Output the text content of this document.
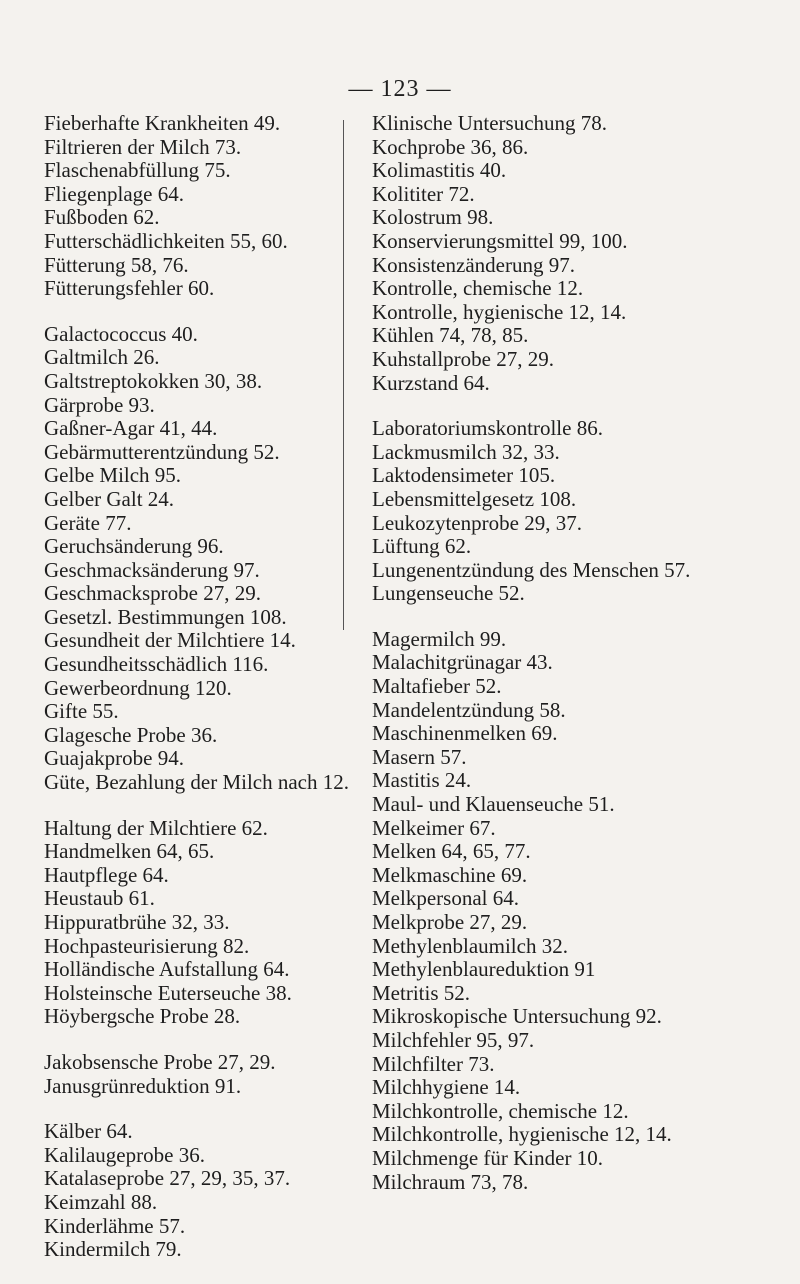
— 123 —
Fieberhafte Krankheiten 49.
Filtrieren der Milch 73.
Flaschenabfüllung 75.
Fliegenplage 64.
Fußboden 62.
Futterschädlichkeiten 55, 60.
Fütterung 58, 76.
Fütterungsfehler 60.
Galactococcus 40.
Galtmilch 26.
Galtstreptokokken 30, 38.
Gärprobe 93.
Gaßner-Agar 41, 44.
Gebärmutterentzündung 52.
Gelbe Milch 95.
Gelber Galt 24.
Geräte 77.
Geruchsänderung 96.
Geschmacksänderung 97.
Geschmacksprobe 27, 29.
Gesetzl. Bestimmungen 108.
Gesundheit der Milchtiere 14.
Gesundheitsschädlich 116.
Gewerbeordnung 120.
Gifte 55.
Glagesche Probe 36.
Guajakprobe 94.
Güte, Bezahlung der Milch nach 12.
Haltung der Milchtiere 62.
Handmelken 64, 65.
Hautpflege 64.
Heustaub 61.
Hippuratbrühe 32, 33.
Hochpasteurisierung 82.
Holländische Aufstallung 64.
Holsteinsche Euterseuche 38.
Höybergsche Probe 28.
Jakobsensche Probe 27, 29.
Janusgrünreduktion 91.
Kälber 64.
Kalilaugeprobe 36.
Katalaseprobe 27, 29, 35, 37.
Keimzahl 88.
Kinderlähme 57.
Kindermilch 79.
Klinische Untersuchung 78.
Kochprobe 36, 86.
Kolimastitis 40.
Kolititer 72.
Kolostrum 98.
Konservierungsmittel 99, 100.
Konsistenzänderung 97.
Kontrolle, chemische 12.
Kontrolle, hygienische 12, 14.
Kühlen 74, 78, 85.
Kuhstallprobe 27, 29.
Kurzstand 64.
Laboratoriumskontrolle 86.
Lackmusmilch 32, 33.
Laktodensimeter 105.
Lebensmittelgesetz 108.
Leukozytenprobe 29, 37.
Lüftung 62.
Lungenentzündung des Menschen 57.
Lungenseuche 52.
Magermilch 99.
Malachitgrünagar 43.
Maltafieber 52.
Mandelentzündung 58.
Maschinenmelken 69.
Masern 57.
Mastitis 24.
Maul- und Klauenseuche 51.
Melkeimer 67.
Melken 64, 65, 77.
Melkmaschine 69.
Melkpersonal 64.
Melkprobe 27, 29.
Methylenblaumilch 32.
Methylenblaureduktion 91
Metritis 52.
Mikroskopische Untersuchung 92.
Milchfehler 95, 97.
Milchfilter 73.
Milchhygiene 14.
Milchkontrolle, chemische 12.
Milchkontrolle, hygienische 12, 14.
Milchmenge für Kinder 10.
Milchraum 73, 78.
